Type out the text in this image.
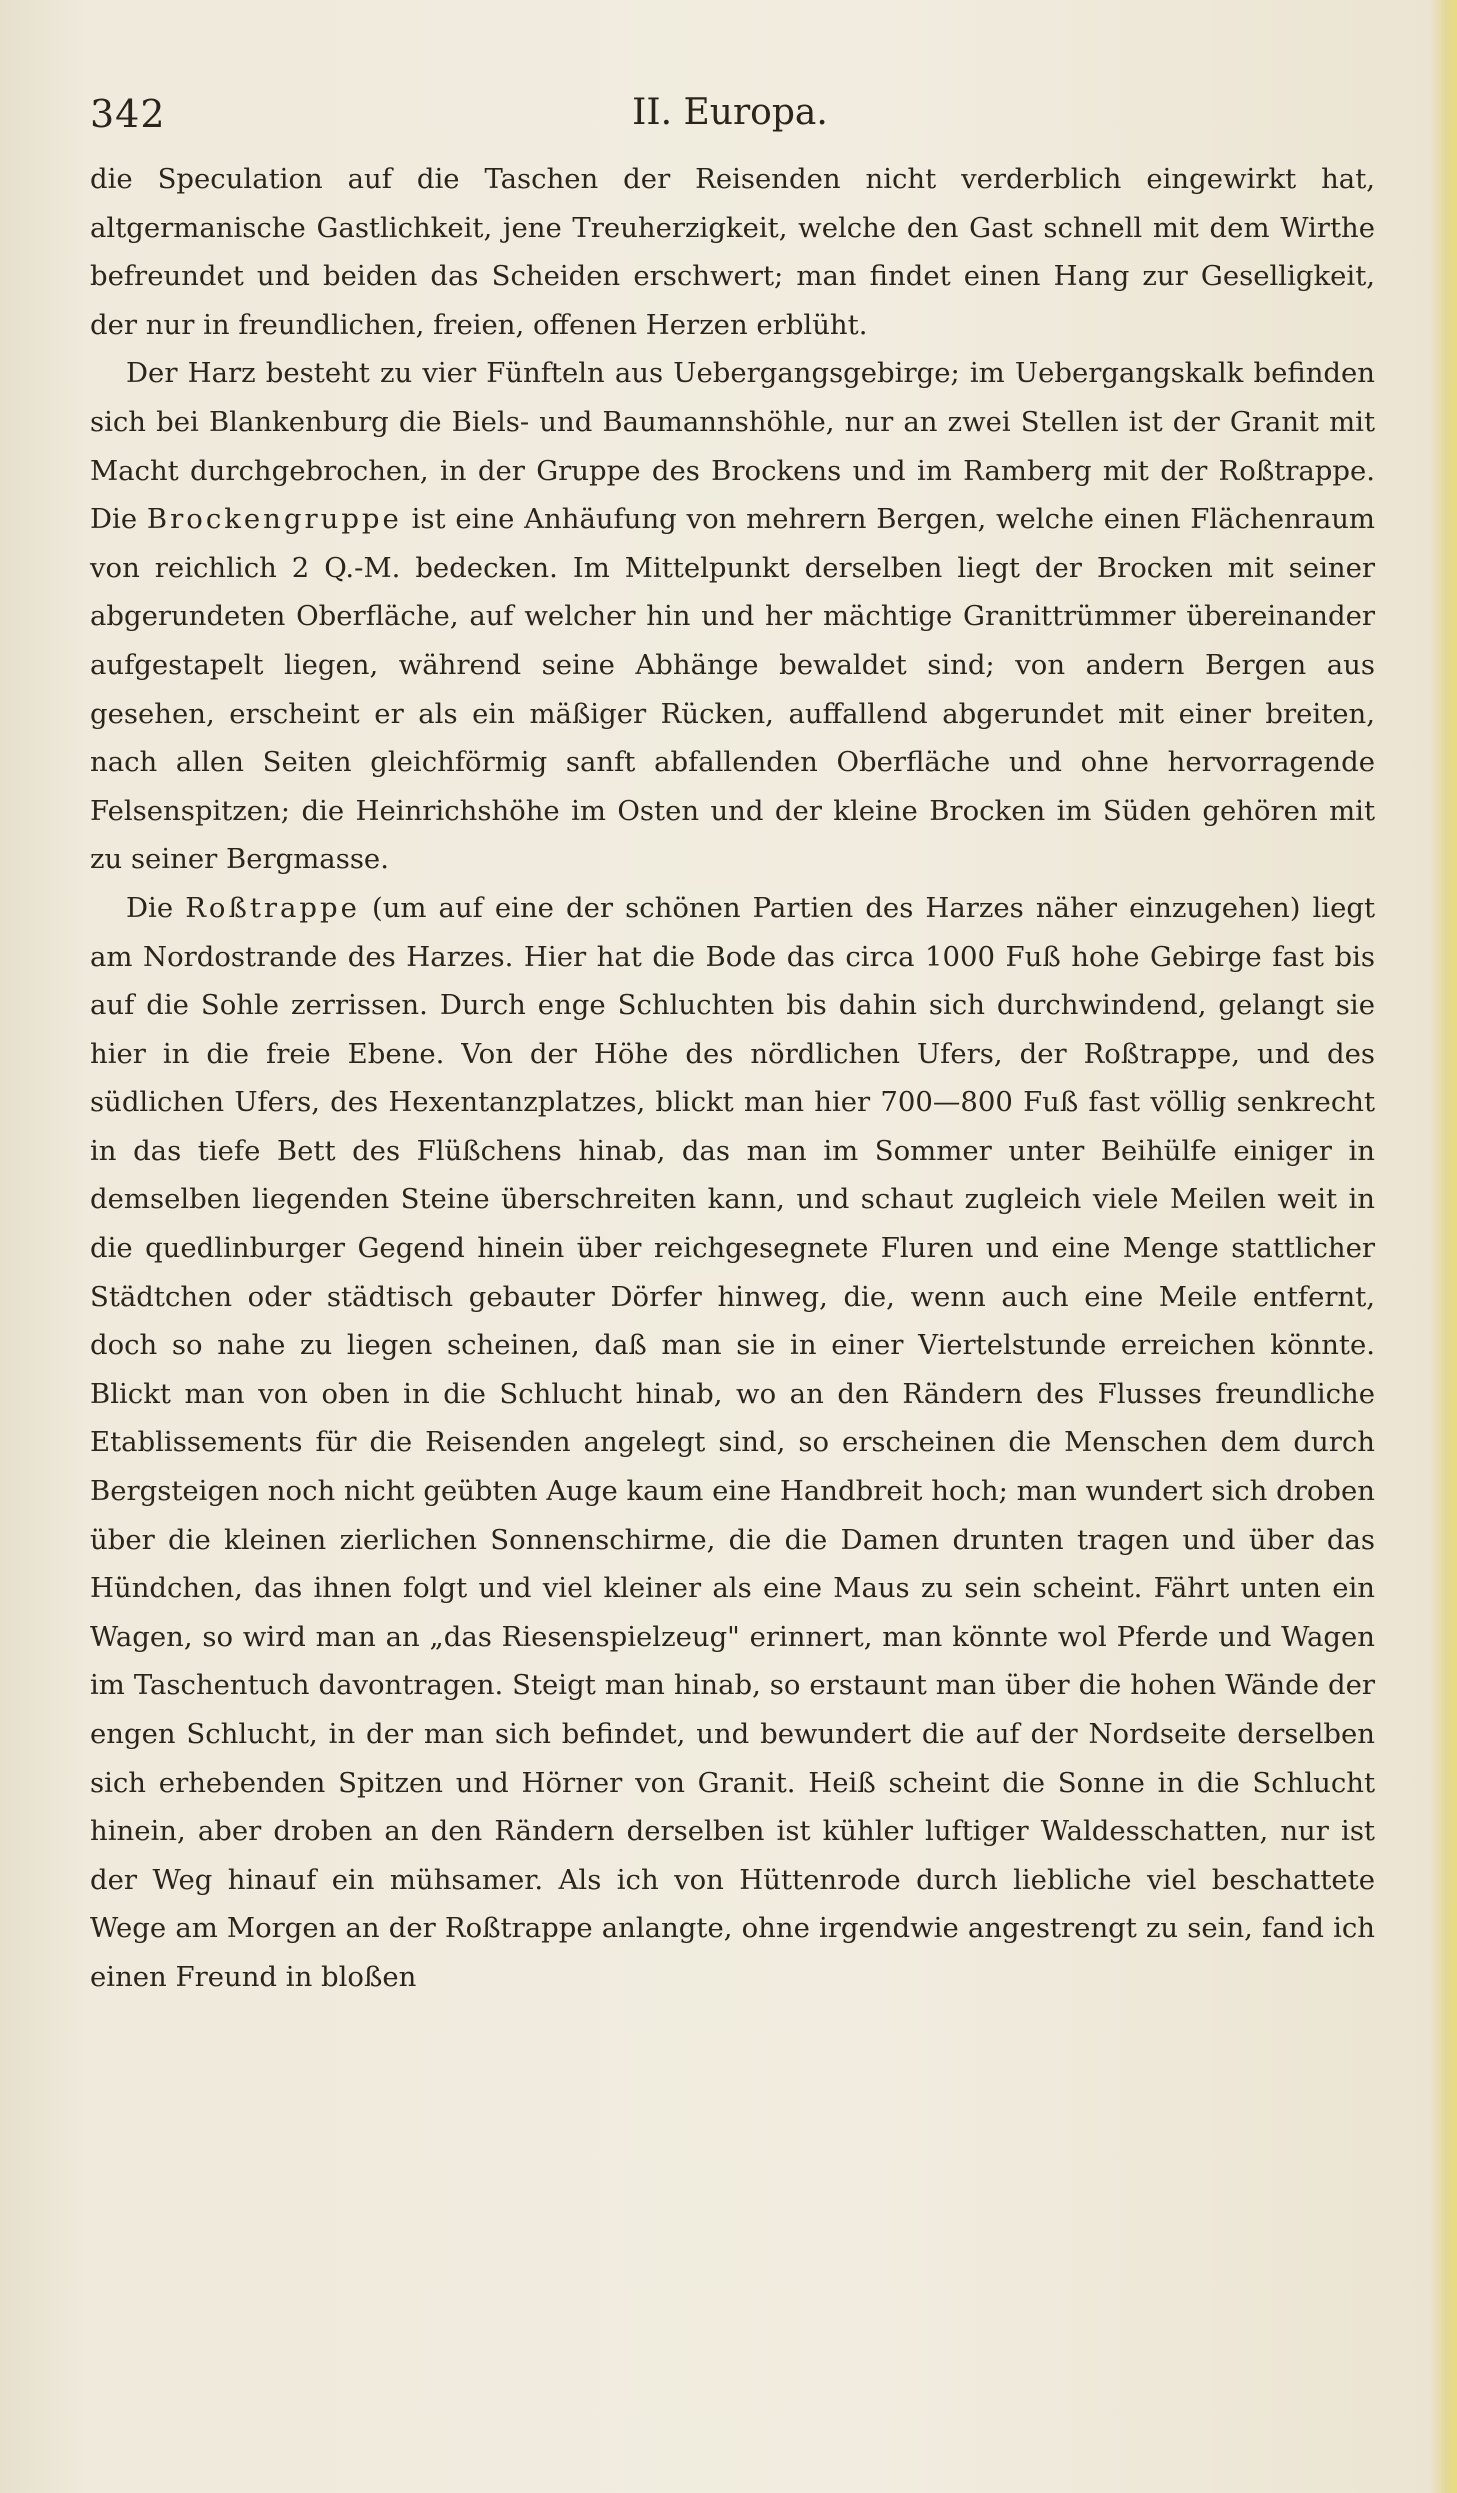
342	II. Europa.

die Speculation auf die Taschen der Reisenden nicht verderblich eingewirkt hat, altgermanische Gastlichkeit, jene Treuherzigkeit, welche den Gast schnell mit dem Wirthe befreundet und beiden das Scheiden erschwert; man findet einen Hang zur Geselligkeit, der nur in freundlichen, freien, offenen Herzen erblüht.

Der Harz besteht zu vier Fünfteln aus Uebergangsgebirge; im Uebergangskalk befinden sich bei Blankenburg die Biels- und Baumannshöhle, nur an zwei Stellen ist der Granit mit Macht durchgebrochen, in der Gruppe des Brockens und im Ramberg mit der Roßtrappe. Die Brockengruppe ist eine Anhäufung von mehrern Bergen, welche einen Flächenraum von reichlich 2 Q.-M. bedecken. Im Mittelpunkt derselben liegt der Brocken mit seiner abgerundeten Oberfläche, auf welcher hin und her mächtige Granittrümmer übereinander aufgestapelt liegen, während seine Abhänge bewaldet sind; von andern Bergen aus gesehen, erscheint er als ein mäßiger Rücken, auffallend abgerundet mit einer breiten, nach allen Seiten gleichförmig sanft abfallenden Oberfläche und ohne hervorragende Felsenspitzen; die Heinrichshöhe im Osten und der kleine Brocken im Süden gehören mit zu seiner Bergmasse.

Die Roßtrappe (um auf eine der schönen Partien des Harzes näher einzugehen) liegt am Nordostrande des Harzes. Hier hat die Bode das circa 1000 Fuß hohe Gebirge fast bis auf die Sohle zerrissen. Durch enge Schluchten bis dahin sich durchwindend, gelangt sie hier in die freie Ebene. Von der Höhe des nördlichen Ufers, der Roßtrappe, und des südlichen Ufers, des Hexentanzplatzes, blickt man hier 700—800 Fuß fast völlig senkrecht in das tiefe Bett des Flüßchens hinab, das man im Sommer unter Beihülfe einiger in demselben liegenden Steine überschreiten kann, und schaut zugleich viele Meilen weit in die quedlinburger Gegend hinein über reichgesegnete Fluren und eine Menge stattlicher Städtchen oder städtisch gebauter Dörfer hinweg, die, wenn auch eine Meile entfernt, doch so nahe zu liegen scheinen, daß man sie in einer Viertelstunde erreichen könnte. Blickt man von oben in die Schlucht hinab, wo an den Rändern des Flusses freundliche Etablissements für die Reisenden angelegt sind, so erscheinen die Menschen dem durch Bergsteigen noch nicht geübten Auge kaum eine Handbreit hoch; man wundert sich droben über die kleinen zierlichen Sonnenschirme, die die Damen drunten tragen und über das Hündchen, das ihnen folgt und viel kleiner als eine Maus zu sein scheint. Fährt unten ein Wagen, so wird man an „das Riesenspielzeug" erinnert, man könnte wol Pferde und Wagen im Taschentuch davontragen. Steigt man hinab, so erstaunt man über die hohen Wände der engen Schlucht, in der man sich befindet, und bewundert die auf der Nordseite derselben sich erhebenden Spitzen und Hörner von Granit. Heiß scheint die Sonne in die Schlucht hinein, aber droben an den Rändern derselben ist kühler luftiger Waldesschatten, nur ist der Weg hinauf ein mühsamer. Als ich von Hüttenrode durch liebliche viel beschattete Wege am Morgen an der Roßtrappe anlangte, ohne irgendwie angestrengt zu sein, fand ich einen Freund in bloßen
